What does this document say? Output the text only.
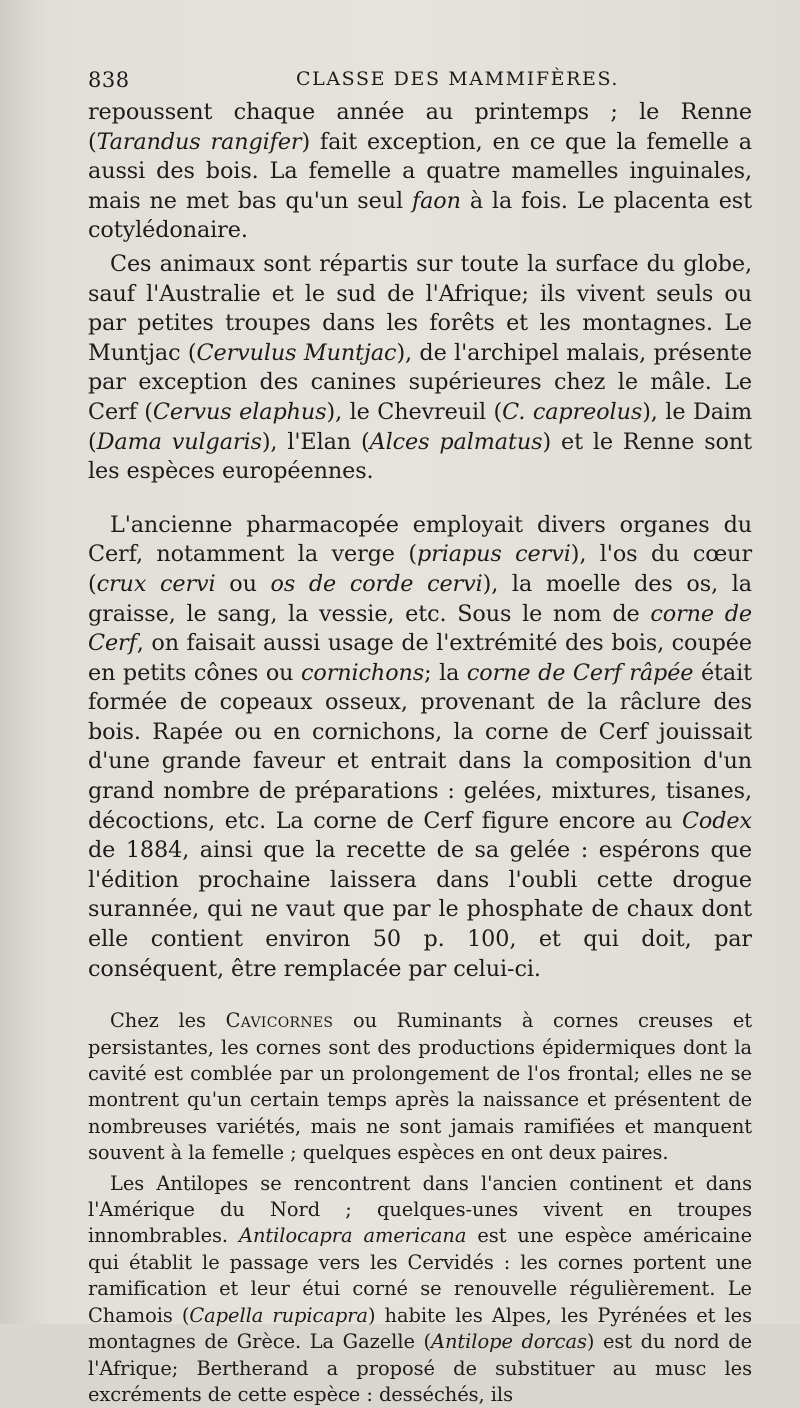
838	CLASSE DES MAMMIFÈRES.

repoussent chaque année au printemps ; le Renne (Tarandus rangifer) fait exception, en ce que la femelle a aussi des bois. La femelle a quatre mamelles inguinales, mais ne met bas qu'un seul faon à la fois. Le placenta est cotylédonaire.

Ces animaux sont répartis sur toute la surface du globe, sauf l'Australie et le sud de l'Afrique; ils vivent seuls ou par petites troupes dans les forêts et les montagnes. Le Muntjac (Cervulus Muntjac), de l'archipel malais, présente par exception des canines supérieures chez le mâle. Le Cerf (Cervus elaphus), le Chevreuil (C. capreolus), le Daim (Dama vulgaris), l'Elan (Alces palmatus) et le Renne sont les espèces européennes.

L'ancienne pharmacopée employait divers organes du Cerf, notamment la verge (priapus cervi), l'os du cœur (crux cervi ou os de corde cervi), la moelle des os, la graisse, le sang, la vessie, etc. Sous le nom de corne de Cerf, on faisait aussi usage de l'extrémité des bois, coupée en petits cônes ou cornichons; la corne de Cerf râpée était formée de copeaux osseux, provenant de la râclure des bois. Rapée ou en cornichons, la corne de Cerf jouissait d'une grande faveur et entrait dans la composition d'un grand nombre de préparations : gelées, mixtures, tisanes, décoctions, etc. La corne de Cerf figure encore au Codex de 1884, ainsi que la recette de sa gelée : espérons que l'édition prochaine laissera dans l'oubli cette drogue surannée, qui ne vaut que par le phosphate de chaux dont elle contient environ 50 p. 100, et qui doit, par conséquent, être remplacée par celui-ci.

Chez les Cavicornes ou Ruminants à cornes creuses et persistantes, les cornes sont des productions épidermiques dont la cavité est comblée par un prolongement de l'os frontal; elles ne se montrent qu'un certain temps après la naissance et présentent de nombreuses variétés, mais ne sont jamais ramifiées et manquent souvent à la femelle ; quelques espèces en ont deux paires.

Les Antilopes se rencontrent dans l'ancien continent et dans l'Amérique du Nord ; quelques-unes vivent en troupes innombrables. Antilocapra americana est une espèce américaine qui établit le passage vers les Cervidés : les cornes portent une ramification et leur étui corné se renouvelle régulièrement. Le Chamois (Capella rupicapra) habite les Alpes, les Pyrénées et les montagnes de Grèce. La Gazelle (Antilope dorcas) est du nord de l'Afrique; Bertherand a proposé de substituer au musc les excréments de cette espèce : desséchés, ils
